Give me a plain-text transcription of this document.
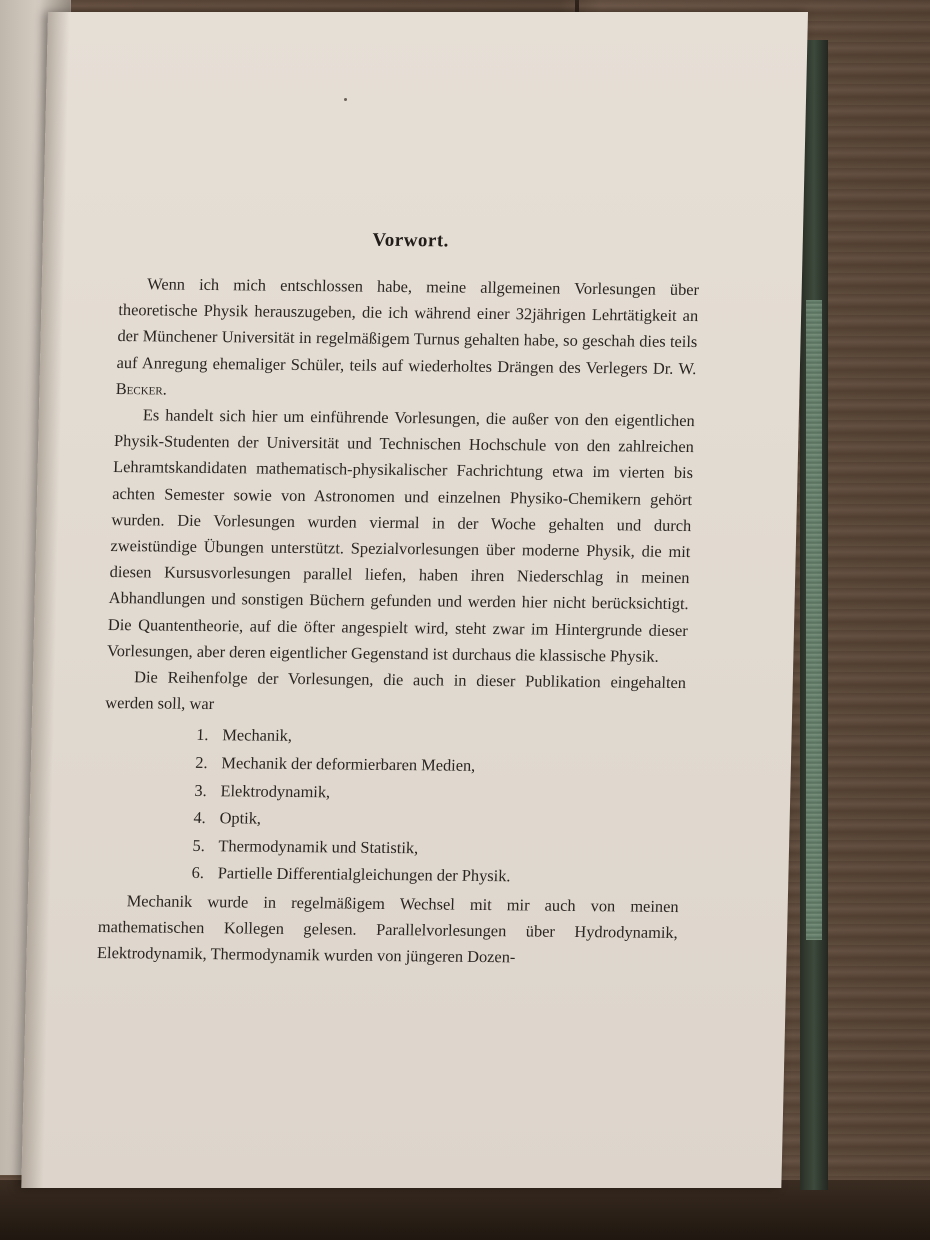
Vorwort.

Wenn ich mich entschlossen habe, meine allgemeinen Vorlesungen über theoretische Physik herauszugeben, die ich während einer 32jährigen Lehrtätigkeit an der Münchener Universität in regelmäßigem Turnus gehalten habe, so geschah dies teils auf Anregung ehemaliger Schüler, teils auf wiederholtes Drängen des Verlegers Dr. W. Becker.

Es handelt sich hier um einführende Vorlesungen, die außer von den eigentlichen Physik-Studenten der Universität und Technischen Hochschule von den zahlreichen Lehramtskandidaten mathematisch-physikalischer Fachrichtung etwa im vierten bis achten Semester sowie von Astronomen und einzelnen Physiko-Chemikern gehört wurden. Die Vorlesungen wurden viermal in der Woche gehalten und durch zweistündige Übungen unterstützt. Spezialvorlesungen über moderne Physik, die mit diesen Kursusvorlesungen parallel liefen, haben ihren Niederschlag in meinen Abhandlungen und sonstigen Büchern gefunden und werden hier nicht berücksichtigt. Die Quantentheorie, auf die öfter angespielt wird, steht zwar im Hintergrunde dieser Vorlesungen, aber deren eigentlicher Gegenstand ist durchaus die klassische Physik.

Die Reihenfolge der Vorlesungen, die auch in dieser Publikation eingehalten werden soll, war

1. Mechanik,
2. Mechanik der deformierbaren Medien,
3. Elektrodynamik,
4. Optik,
5. Thermodynamik und Statistik,
6. Partielle Differentialgleichungen der Physik.

Mechanik wurde in regelmäßigem Wechsel mit mir auch von meinen mathematischen Kollegen gelesen. Parallelvorlesungen über Hydrodynamik, Elektrodynamik, Thermodynamik wurden von jüngeren Dozen-
